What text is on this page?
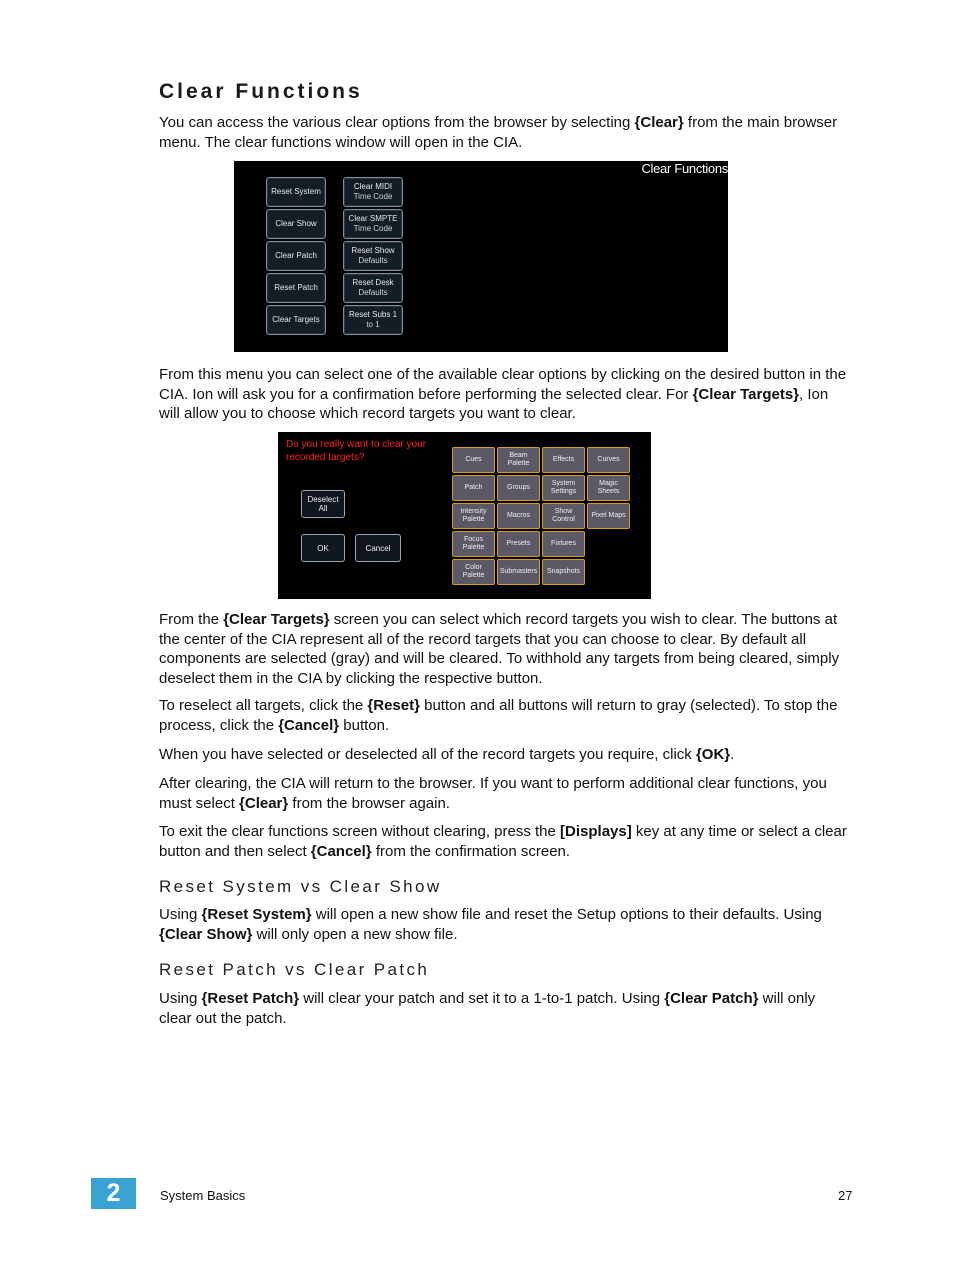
Clear Functions

You can access the various clear options from the browser by selecting {Clear} from the main browser menu. The clear functions window will open in the CIA.

Clear Functions
Reset System
Clear Show
Clear Patch
Reset Patch
Clear Targets
Clear MIDI
Time Code
Clear SMPTE
Time Code
Reset Show
Defaults
Reset Desk
Defaults
Reset Subs 1
to 1

From this menu you can select one of the available clear options by clicking on the desired button in the CIA. Ion will ask you for a confirmation before performing the selected clear. For {Clear Targets}, Ion will allow you to choose which record targets you want to clear.

Do you really want to clear your recorded targets?
Deselect
All
OK	Cancel
Cues
Beam
Palette
Effects	Curves
Patch	Groups
System
Settings
Magic
Sheets
Intensity
Palette
Macros
Show
Control
Pixel Maps
Focus
Palette
Presets	Fixtures
Color
Palette
Submasters Snapshots

From the {Clear Targets} screen you can select which record targets you wish to clear. The buttons at the center of the CIA represent all of the record targets that you can choose to clear. By default all components are selected (gray) and will be cleared. To withhold any targets from being cleared, simply deselect them in the CIA by clicking the respective button.

To reselect all targets, click the {Reset} button and all buttons will return to gray (selected). To stop the process, click the {Cancel} button.

When you have selected or deselected all of the record targets you require, click {OK}.

After clearing, the CIA will return to the browser. If you want to perform additional clear functions, you must select {Clear} from the browser again.

To exit the clear functions screen without clearing, press the [Displays] key at any time or select a clear button and then select {Cancel} from the confirmation screen.

Reset System vs Clear Show

Using {Reset System} will open a new show file and reset the Setup options to their defaults. Using {Clear Show} will only open a new show file.

Reset Patch vs Clear Patch

Using {Reset Patch} will clear your patch and set it to a 1-to-1 patch. Using {Clear Patch} will only clear out the patch.

2	System Basics	27
